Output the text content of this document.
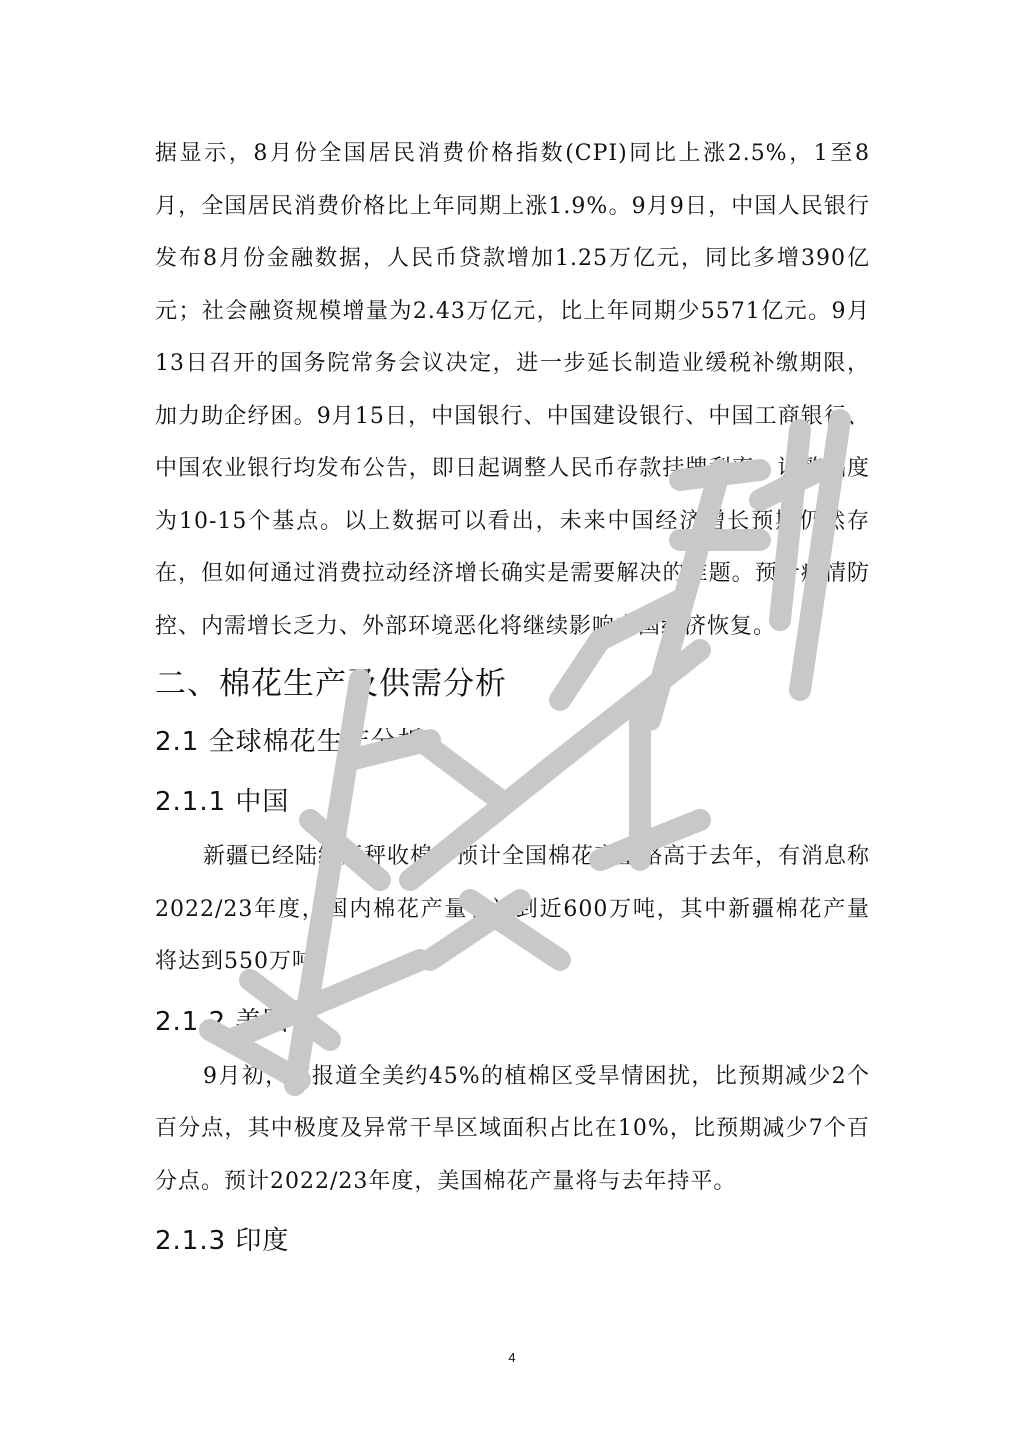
据显示，8月份全国居民消费价格指数(CPI)同比上涨2.5%，1至8月，全国居民消费价格比上年同期上涨1.9%。9月9日，中国人民银行发布8月份金融数据，人民币贷款增加1.25万亿元，同比多增390亿元；社会融资规模增量为2.43万亿元，比上年同期少5571亿元。9月13日召开的国务院常务会议决定，进一步延长制造业缓税补缴期限，加力助企纾困。9月15日，中国银行、中国建设银行、中国工商银行、中国农业银行均发布公告，即日起调整人民币存款挂牌利率，调整幅度为10-15个基点。以上数据可以看出，未来中国经济增长预期仍然存在，但如何通过消费拉动经济增长确实是需要解决的难题。预计疫情防控、内需增长乏力、外部环境恶化将继续影响中国经济恢复。

二、棉花生产及供需分析
2.1 全球棉花生产分析
2.1.1 中国

新疆已经陆续开秤收棉，预计全国棉花产量略高于去年，有消息称2022/23年度，国内棉花产量将达到近600万吨，其中新疆棉花产量将达到550万吨。

2.1.2 美国

9月初，有报道全美约45%的植棉区受旱情困扰，比预期减少2个百分点，其中极度及异常干旱区域面积占比在10%，比预期减少7个百分点。预计2022/23年度，美国棉花产量将与去年持平。

2.1.3 印度
4
